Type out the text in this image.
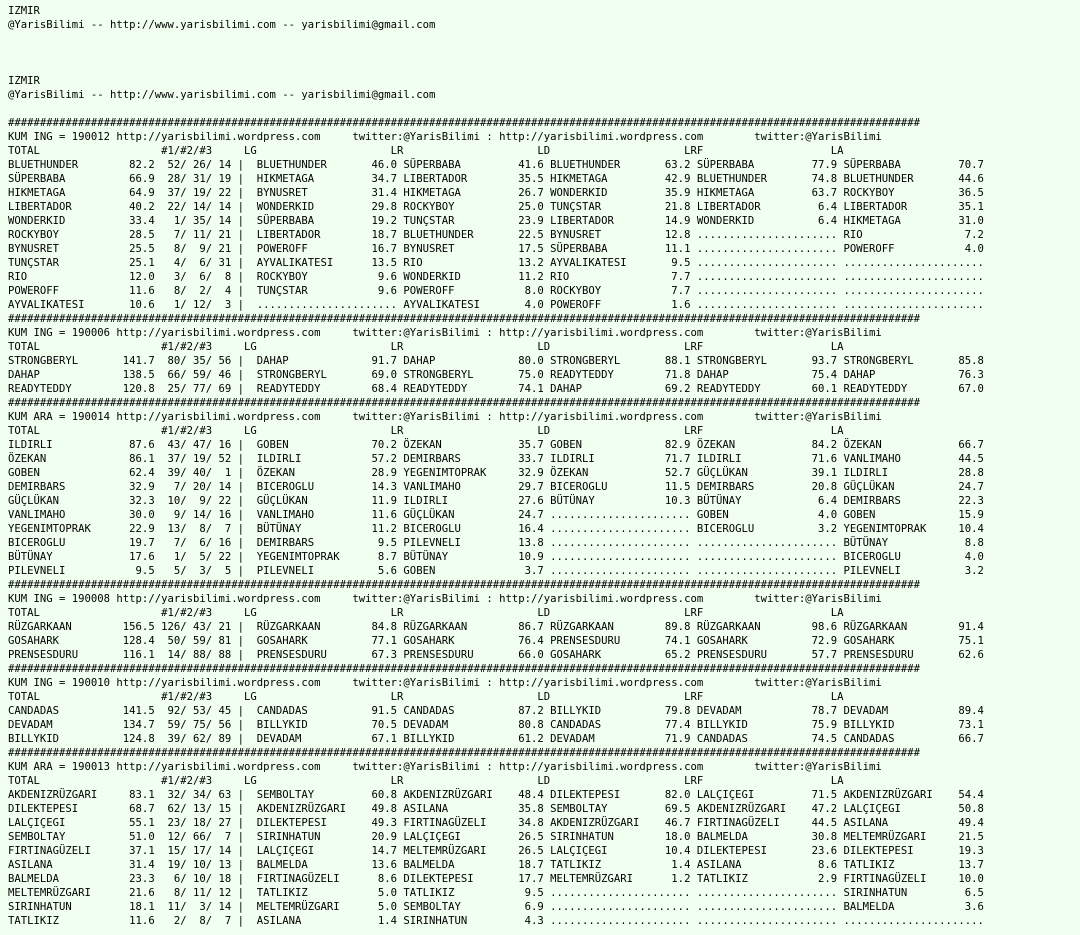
IZMIR
@YarisBilimi -- http://www.yarisbilimi.com -- yarisbilimi@gmail.com

IZMIR
@YarisBilimi -- http://www.yarisbilimi.com -- yarisbilimi@gmail.com

###############################################################################################################################################
KUM ING = 190012 http://yarisbilimi.wordpress.com     twitter:@YarisBilimi : http://yarisbilimi.wordpress.com        twitter:@YarisBilimi
TOTAL                   #1/#2/#3     LG                     LR                     LD                     LRF                    LA
BLUETHUNDER        82.2  52/ 26/ 14 |  BLUETHUNDER       46.0 SÜPERBABA         41.6 BLUETHUNDER       63.2 SÜPERBABA         77.9 SÜPERBABA         70.7
SÜPERBABA          66.9  28/ 31/ 19 |  HIKMETAGA         34.7 LIBERTADOR        35.5 HIKMETAGA         42.9 BLUETHUNDER       74.8 BLUETHUNDER       44.6
HIKMETAGA          64.9  37/ 19/ 22 |  BYNUSRET          31.4 HIKMETAGA         26.7 WONDERKID         35.9 HIKMETAGA         63.7 ROCKYBOY          36.5
LIBERTADOR         40.2  22/ 14/ 14 |  WONDERKID         29.8 ROCKYBOY          25.0 TUNÇSTAR          21.8 LIBERTADOR         6.4 LIBERTADOR        35.1
WONDERKID          33.4   1/ 35/ 14 |  SÜPERBABA         19.2 TUNÇSTAR          23.9 LIBERTADOR        14.9 WONDERKID          6.4 HIKMETAGA         31.0
ROCKYBOY           28.5   7/ 11/ 21 |  LIBERTADOR        18.7 BLUETHUNDER       22.5 BYNUSRET          12.8 ...................... RIO                7.2
BYNUSRET           25.5   8/  9/ 21 |  POWEROFF          16.7 BYNUSRET          17.5 SÜPERBABA         11.1 ...................... POWEROFF           4.0
TUNÇSTAR           25.1   4/  6/ 31 |  AYVALIKATESI      13.5 RIO               13.2 AYVALIKATESI       9.5 ...................... ......................
RIO                12.0   3/  6/  8 |  ROCKYBOY           9.6 WONDERKID         11.2 RIO                7.7 ...................... ......................
POWEROFF           11.6   8/  2/  4 |  TUNÇSTAR           9.6 POWEROFF           8.0 ROCKYBOY           7.7 ...................... ......................
AYVALIKATESI       10.6   1/ 12/  3 |  ...................... AYVALIKATESI       4.0 POWEROFF           1.6 ...................... ......................
###############################################################################################################################################
KUM ING = 190006 http://yarisbilimi.wordpress.com     twitter:@YarisBilimi : http://yarisbilimi.wordpress.com        twitter:@YarisBilimi
TOTAL                   #1/#2/#3     LG                     LR                     LD                     LRF                    LA
STRONGBERYL       141.7  80/ 35/ 56 |  DAHAP             91.7 DAHAP             80.0 STRONGBERYL       88.1 STRONGBERYL       93.7 STRONGBERYL       85.8
DAHAP             138.5  66/ 59/ 46 |  STRONGBERYL       69.0 STRONGBERYL       75.0 READYTEDDY        71.8 DAHAP             75.4 DAHAP             76.3
READYTEDDY        120.8  25/ 77/ 69 |  READYTEDDY        68.4 READYTEDDY        74.1 DAHAP             69.2 READYTEDDY        60.1 READYTEDDY        67.0
###############################################################################################################################################
KUM ARA = 190014 http://yarisbilimi.wordpress.com     twitter:@YarisBilimi : http://yarisbilimi.wordpress.com        twitter:@YarisBilimi
TOTAL                   #1/#2/#3     LG                     LR                     LD                     LRF                    LA
ILDIRLI            87.6  43/ 47/ 16 |  GOBEN             70.2 ÖZEKAN            35.7 GOBEN             82.9 ÖZEKAN            84.2 ÖZEKAN            66.7
ÖZEKAN             86.1  37/ 19/ 52 |  ILDIRLI           57.2 DEMIRBARS         33.7 ILDIRLI           71.7 ILDIRLI           71.6 VANLIMAHO         44.5
GOBEN              62.4  39/ 40/  1 |  ÖZEKAN            28.9 YEGENIMTOPRAK     32.9 ÖZEKAN            52.7 GÜÇLÜKAN          39.1 ILDIRLI           28.8
DEMIRBARS          32.9   7/ 20/ 14 |  BICEROGLU         14.3 VANLIMAHO         29.7 BICEROGLU         11.5 DEMIRBARS         20.8 GÜÇLÜKAN          24.7
GÜÇLÜKAN           32.3  10/  9/ 22 |  GÜÇLÜKAN          11.9 ILDIRLI           27.6 BÜTÜNAY           10.3 BÜTÜNAY            6.4 DEMIRBARS         22.3
VANLIMAHO          30.0   9/ 14/ 16 |  VANLIMAHO         11.6 GÜÇLÜKAN          24.7 ...................... GOBEN              4.0 GOBEN             15.9
YEGENIMTOPRAK      22.9  13/  8/  7 |  BÜTÜNAY           11.2 BICEROGLU         16.4 ...................... BICEROGLU          3.2 YEGENIMTOPRAK     10.4
BICEROGLU          19.7   7/  6/ 16 |  DEMIRBARS          9.5 PILEVNELI         13.8 ...................... ...................... BÜTÜNAY            8.8
BÜTÜNAY            17.6   1/  5/ 22 |  YEGENIMTOPRAK      8.7 BÜTÜNAY           10.9 ...................... ...................... BICEROGLU          4.0
PILEVNELI           9.5   5/  3/  5 |  PILEVNELI          5.6 GOBEN              3.7 ...................... ...................... PILEVNELI          3.2
###############################################################################################################################################
KUM ING = 190008 http://yarisbilimi.wordpress.com     twitter:@YarisBilimi : http://yarisbilimi.wordpress.com        twitter:@YarisBilimi
TOTAL                   #1/#2/#3     LG                     LR                     LD                     LRF                    LA
RÜZGARKAAN        156.5 126/ 43/ 21 |  RÜZGARKAAN        84.8 RÜZGARKAAN        86.7 RÜZGARKAAN        89.8 RÜZGARKAAN        98.6 RÜZGARKAAN        91.4
GOSAHARK          128.4  50/ 59/ 81 |  GOSAHARK          77.1 GOSAHARK          76.4 PRENSESDURU       74.1 GOSAHARK          72.9 GOSAHARK          75.1
PRENSESDURU       116.1  14/ 88/ 88 |  PRENSESDURU       67.3 PRENSESDURU       66.0 GOSAHARK          65.2 PRENSESDURU       57.7 PRENSESDURU       62.6
###############################################################################################################################################
KUM ING = 190010 http://yarisbilimi.wordpress.com     twitter:@YarisBilimi : http://yarisbilimi.wordpress.com        twitter:@YarisBilimi
TOTAL                   #1/#2/#3     LG                     LR                     LD                     LRF                    LA
CANDADAS          141.5  92/ 53/ 45 |  CANDADAS          91.5 CANDADAS          87.2 BILLYKID          79.8 DEVADAM           78.7 DEVADAM           89.4
DEVADAM           134.7  59/ 75/ 56 |  BILLYKID          70.5 DEVADAM           80.8 CANDADAS          77.4 BILLYKID          75.9 BILLYKID          73.1
BILLYKID          124.8  39/ 62/ 89 |  DEVADAM           67.1 BILLYKID          61.2 DEVADAM           71.9 CANDADAS          74.5 CANDADAS          66.7
###############################################################################################################################################
KUM ARA = 190013 http://yarisbilimi.wordpress.com     twitter:@YarisBilimi : http://yarisbilimi.wordpress.com        twitter:@YarisBilimi
TOTAL                   #1/#2/#3     LG                     LR                     LD                     LRF                    LA
AKDENIZRÜZGARI     83.1  32/ 34/ 63 |  SEMBOLTAY         60.8 AKDENIZRÜZGARI    48.4 DILEKTEPESI       82.0 LALÇIÇEGI         71.5 AKDENIZRÜZGARI    54.4
DILEKTEPESI        68.7  62/ 13/ 15 |  AKDENIZRÜZGARI    49.8 ASILANA           35.8 SEMBOLTAY         69.5 AKDENIZRÜZGARI    47.2 LALÇIÇEGI         50.8
LALÇIÇEGI          55.1  23/ 18/ 27 |  DILEKTEPESI       49.3 FIRTINAGÜZELI     34.8 AKDENIZRÜZGARI    46.7 FIRTINAGÜZELI     44.5 ASILANA           49.4
SEMBOLTAY          51.0  12/ 66/  7 |  SIRINHATUN        20.9 LALÇIÇEGI         26.5 SIRINHATUN        18.0 BALMELDA          30.8 MELTEMRÜZGARI     21.5
FIRTINAGÜZELI      37.1  15/ 17/ 14 |  LALÇIÇEGI         14.7 MELTEMRÜZGARI     26.5 LALÇIÇEGI         10.4 DILEKTEPESI       23.6 DILEKTEPESI       19.3
ASILANA            31.4  19/ 10/ 13 |  BALMELDA          13.6 BALMELDA          18.7 TATLIKIZ           1.4 ASILANA            8.6 TATLIKIZ          13.7
BALMELDA           23.3   6/ 10/ 18 |  FIRTINAGÜZELI      8.6 DILEKTEPESI       17.7 MELTEMRÜZGARI      1.2 TATLIKIZ           2.9 FIRTINAGÜZELI     10.0
MELTEMRÜZGARI      21.6   8/ 11/ 12 |  TATLIKIZ           5.0 TATLIKIZ           9.5 ...................... ...................... SIRINHATUN         6.5
SIRINHATUN         18.1  11/  3/ 14 |  MELTEMRÜZGARI      5.0 SEMBOLTAY          6.9 ...................... ...................... BALMELDA           3.6
TATLIKIZ           11.6   2/  8/  7 |  ASILANA            1.4 SIRINHATUN         4.3 ...................... ...................... ......................
